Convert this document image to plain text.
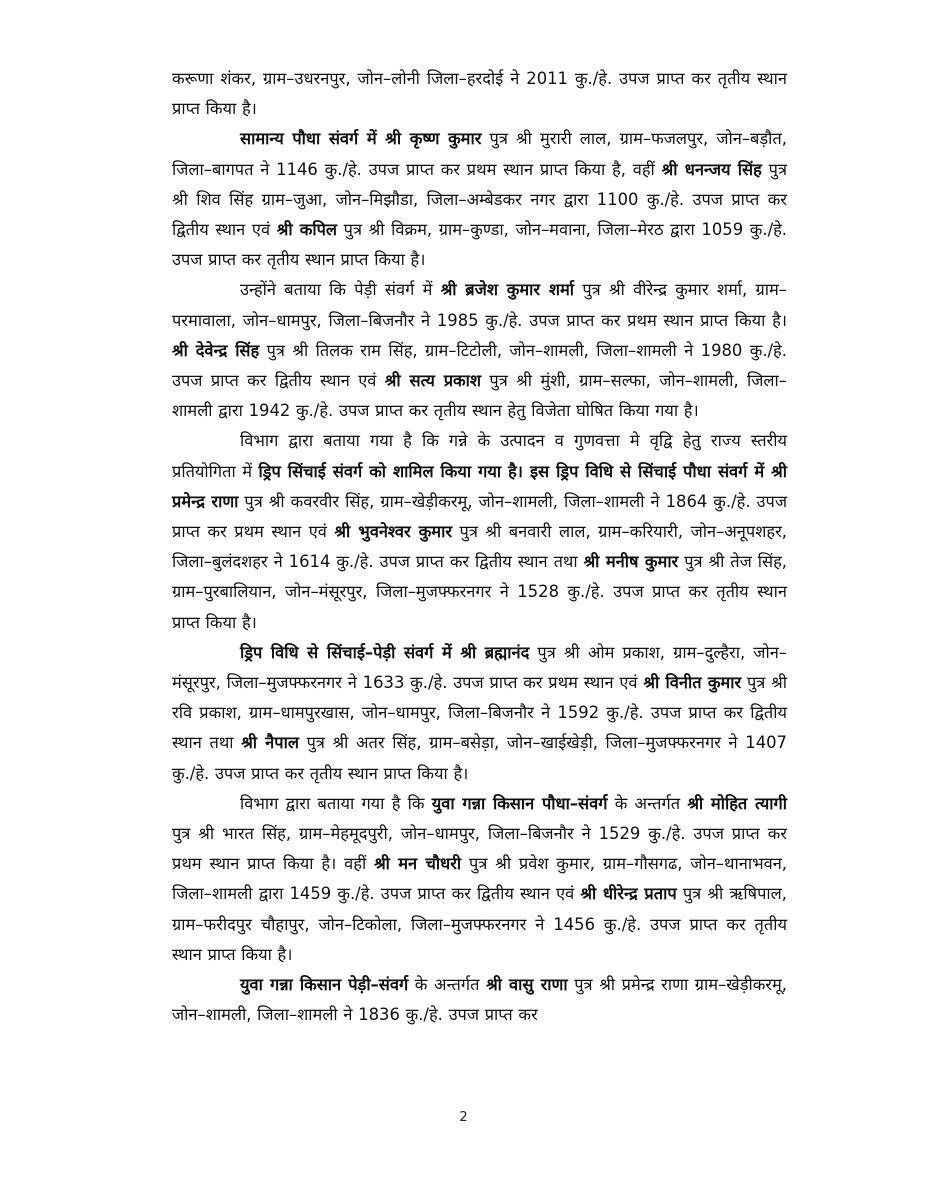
करूणा शंकर, ग्राम–उधरनपुर, जोन–लोनी जिला–हरदोई ने 2011 कु./हे. उपज प्राप्त कर तृतीय स्थान प्राप्त किया है।

सामान्य पौधा संवर्ग में श्री कृष्ण कुमार पुत्र श्री मुरारी लाल, ग्राम–फजलपुर, जोन–बड़ौत, जिला–बागपत ने 1146 कु./हे. उपज प्राप्त कर प्रथम स्थान प्राप्त किया है, वहीं श्री धनन्जय सिंह पुत्र श्री शिव सिंह ग्राम–जुआ, जोन–मिझौडा, जिला–अम्बेडकर नगर द्वारा 1100 कु./हे. उपज प्राप्त कर द्वितीय स्थान एवं श्री कपिल पुत्र श्री विक्रम, ग्राम–कुण्डा, जोन–मवाना, जिला–मेरठ द्वारा 1059 कु./हे. उपज प्राप्त कर तृतीय स्थान प्राप्त किया है।

उन्होंने बताया कि पेड़ी संवर्ग में श्री ब्रजेश कुमार शर्मा पुत्र श्री वीरेन्द्र कुमार शर्मा, ग्राम–परमावाला, जोन–धामपुर, जिला–बिजनौर ने 1985 कु./हे. उपज प्राप्त कर प्रथम स्थान प्राप्त किया है। श्री देवेन्द्र सिंह पुत्र श्री तिलक राम सिंह, ग्राम–टिटोली, जोन–शामली, जिला–शामली ने 1980 कु./हे. उपज प्राप्त कर द्वितीय स्थान एवं श्री सत्य प्रकाश पुत्र श्री मुंशी, ग्राम–सल्फा, जोन–शामली, जिला–शामली द्वारा 1942 कु./हे. उपज प्राप्त कर तृतीय स्थान हेतु विजेता घोषित किया गया है।

विभाग द्वारा बताया गया है कि गन्ने के उत्पादन व गुणवत्ता मे वृद्वि हेतु राज्य स्तरीय प्रतियोगिता में ड्रिप सिंचाई संवर्ग को शामिल किया गया है। इस ड्रिप विधि से सिंचाई पौधा संवर्ग में श्री प्रमेन्द्र राणा पुत्र श्री कवरवीर सिंह, ग्राम–खेड़ीकरमू, जोन–शामली, जिला–शामली ने 1864 कु./हे. उपज प्राप्त कर प्रथम स्थान एवं श्री भुवनेश्वर कुमार पुत्र श्री बनवारी लाल, ग्राम–करियारी, जोन–अनूपशहर, जिला–बुलंदशहर ने 1614 कु./हे. उपज प्राप्त कर द्वितीय स्थान तथा श्री मनीष कुमार पुत्र श्री तेज सिंह, ग्राम–पुरबालियान, जोन–मंसूरपुर, जिला–मुजफ्फरनगर ने 1528 कु./हे. उपज प्राप्त कर तृतीय स्थान प्राप्त किया है।

ड्रिप विधि से सिंचाई–पेड़ी संवर्ग में श्री ब्रह्मानंद पुत्र श्री ओम प्रकाश, ग्राम–दुल्हैरा, जोन–मंसूरपुर, जिला–मुजफ्फरनगर ने 1633 कु./हे. उपज प्राप्त कर प्रथम स्थान एवं श्री विनीत कुमार पुत्र श्री रवि प्रकाश, ग्राम–धामपुरखास, जोन–धामपुर, जिला–बिजनौर ने 1592 कु./हे. उपज प्राप्त कर द्वितीय स्थान तथा श्री नैपाल पुत्र श्री अतर सिंह, ग्राम–बसेड़ा, जोन–खाईखेड़ी, जिला–मुजफ्फरनगर ने 1407 कु./हे. उपज प्राप्त कर तृतीय स्थान प्राप्त किया है।

विभाग द्वारा बताया गया है कि युवा गन्ना किसान पौधा–संवर्ग के अन्तर्गत श्री मोहित त्यागी पुत्र श्री भारत सिंह, ग्राम–मेहमूदपुरी, जोन–धामपुर, जिला–बिजनौर ने 1529 कु./हे. उपज प्राप्त कर प्रथम स्थान प्राप्त किया है। वहीं श्री मन चौधरी पुत्र श्री प्रवेश कुमार, ग्राम–गौसगढ, जोन–थानाभवन, जिला–शामली द्वारा 1459 कु./हे. उपज प्राप्त कर द्वितीय स्थान एवं श्री धीरेन्द्र प्रताप पुत्र श्री ऋषिपाल, ग्राम–फरीदपुर चौहापुर, जोन–टिकोला, जिला–मुजफ्फरनगर ने 1456 कु./हे. उपज प्राप्त कर तृतीय स्थान प्राप्त किया है।

युवा गन्ना किसान पेड़ी–संवर्ग के अन्तर्गत श्री वासु राणा पुत्र श्री प्रमेन्द्र राणा ग्राम–खेड़ीकरमू, जोन–शामली, जिला–शामली ने 1836 कु./हे. उपज प्राप्त कर

2
